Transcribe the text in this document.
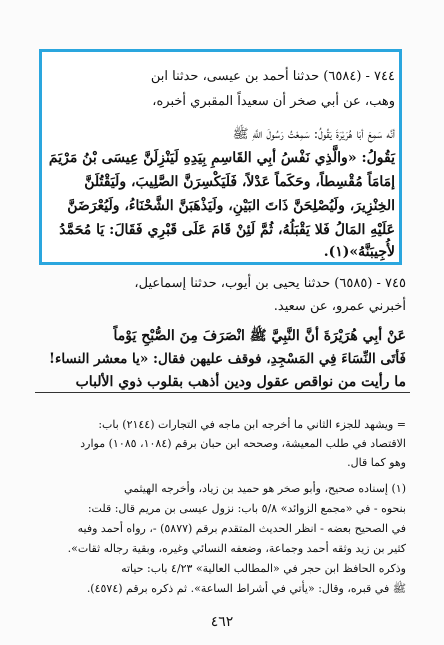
٧٤٤ - (٦٥٨٤) حدثنا أحمد بن عيسى، حدثنا ابن
وهب، عن أبي صخر أن سعيداً المقبري أخبره،
أنَّه سَمِعَ أبَا هُرَيْرَةَ يَقُولُ: سَمِعْتُ رَسُولَ اللَّهِ ﷺ
يَقُولُ: «والَّذِي نَفْسُ أبِي القَاسِمِ بِيَدِهِ لَيَنْزِلَنَّ عِيسَى بْنُ مَرْيَمَ
إمَامَاً مُقْسِطاً، وحَكَماً عَدْلاً، فَلَيَكْسِرَنَّ الصَّلِيبَ، ولَيَقْتُلَنَّ
الخِنْزِيرَ، ولَيُصْلِحَنَّ ذَاتَ البَيْنِ، ولَيَذْهَبَنَّ الشَّحْنَاءُ، ولَيُعْرَضَنَّ
عَلَيْهِ المَالُ فَلا يَقْبَلُهُ، ثُمَّ لَئِنْ قَامَ عَلَى قَبْرِي فَقَالَ: يَا مُحَمَّدُ
لأُجِيبَنَّهُ»(١).
٧٤٥ - (٦٥٨٥) حدثنا يحيى بن أيوب، حدثنا إسماعيل،
أخبرني عمرو، عن سعيد.
عَنْ أبِي هُرَيْرَةَ أنَّ النَّبِيَّ ﷺ انْصَرَفَ مِنَ الصُّبْحِ يَوْماً
فَأتَى النِّسَاءَ فِي المَسْجِدِ، فوقف عليهن فقال: «يا معشر النساء!
ما رأيت من نواقص عقول ودين أذهب بقلوب ذوي الألباب
= ويشهد للجزء الثاني ما أخرجه ابن ماجه في التجارات (٢١٤٤) باب:
الاقتصاد في طلب المعيشة، وصححه ابن حبان برقم (١٠٨٤، ١٠٨٥) موارد
وهو كما قال.
(١) إسناده صحيح، وأبو صخر هو حميد بن زياد، وأخرجه الهيثمي
بنحوه - في «مجمع الزوائد» ٥/٨ باب: نزول عيسى بن مريم قال: قلت:
في الصحيح بعضه - انظر الحديث المتقدم برقم (٥٨٧٧) -، رواه أحمد وفيه
كثير بن زيد وثقه أحمد وجماعة، وضعفه النسائي وغيره، وبقية رجاله ثقات».
وذكره الحافظ ابن حجر في «المطالب العالية» ٤/٢٣ باب: حياته
ﷺ في قبره، وقال: «يأتي في أشراط الساعة». ثم ذكره برقم (٤٥٧٤).
٤٦٢
